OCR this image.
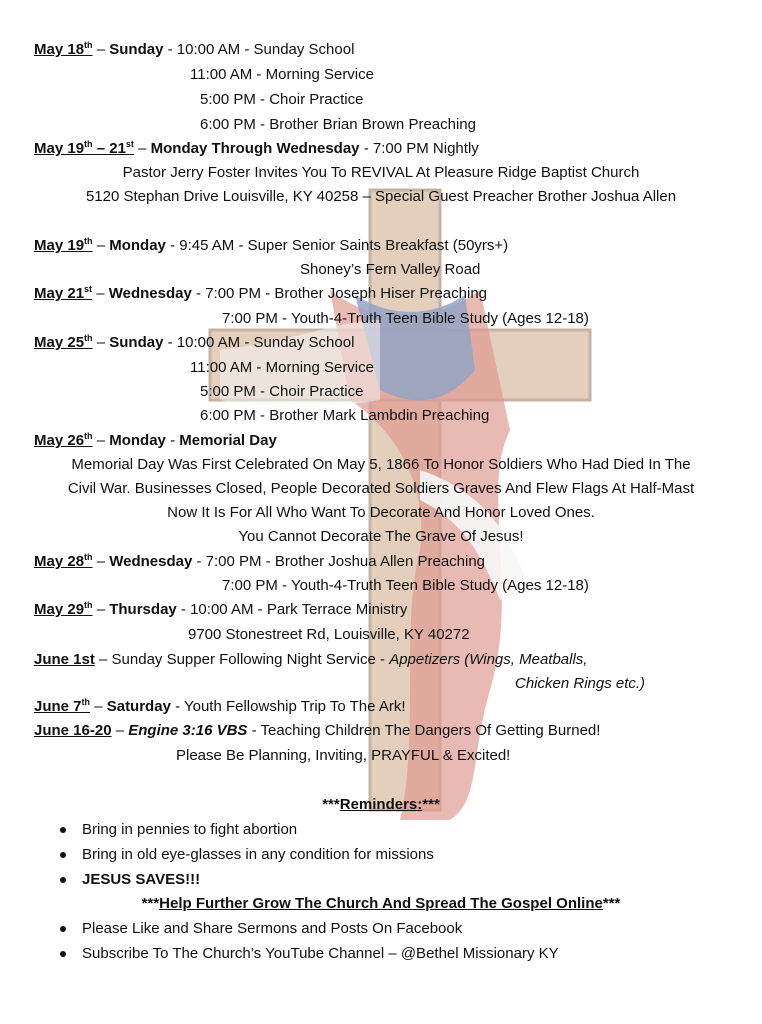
May 18th – Sunday - 10:00 AM - Sunday School
11:00 AM - Morning Service
5:00 PM - Choir Practice
6:00 PM - Brother Brian Brown Preaching
May 19th – 21st – Monday Through Wednesday - 7:00 PM Nightly
Pastor Jerry Foster Invites You To REVIVAL At Pleasure Ridge Baptist Church
5120 Stephan Drive Louisville, KY 40258 – Special Guest Preacher Brother Joshua Allen
May 19th – Monday - 9:45 AM - Super Senior Saints Breakfast (50yrs+)
Shoney’s Fern Valley Road
May 21st – Wednesday - 7:00 PM - Brother Joseph Hiser Preaching
7:00 PM - Youth-4-Truth Teen Bible Study (Ages 12-18)
May 25th – Sunday - 10:00 AM - Sunday School
11:00 AM - Morning Service
5:00 PM - Choir Practice
6:00 PM - Brother Mark Lambdin Preaching
May 26th – Monday - Memorial Day
Memorial Day Was First Celebrated On May 5, 1866 To Honor Soldiers Who Had Died In The
Civil War. Businesses Closed, People Decorated Soldiers Graves And Flew Flags At Half-Mast
Now It Is For All Who Want To Decorate And Honor Loved Ones.
You Cannot Decorate The Grave Of Jesus!
May 28th – Wednesday - 7:00 PM - Brother Joshua Allen Preaching
7:00 PM - Youth-4-Truth Teen Bible Study (Ages 12-18)
May 29th – Thursday - 10:00 AM - Park Terrace Ministry
9700 Stonestreet Rd, Louisville, KY 40272
June 1st – Sunday Supper Following Night Service - Appetizers (Wings, Meatballs,
Chicken Rings etc.)
June 7th – Saturday - Youth Fellowship Trip To The Ark!
June 16-20 – Engine 3:16 VBS - Teaching Children The Dangers Of Getting Burned!
Please Be Planning, Inviting, PRAYFUL & Excited!
***Reminders:***
Bring in pennies to fight abortion
Bring in old eye-glasses in any condition for missions
JESUS SAVES!!!
***Help Further Grow The Church And Spread The Gospel Online***
Please Like and Share Sermons and Posts On Facebook
Subscribe To The Church’s YouTube Channel – @Bethel Missionary KY
